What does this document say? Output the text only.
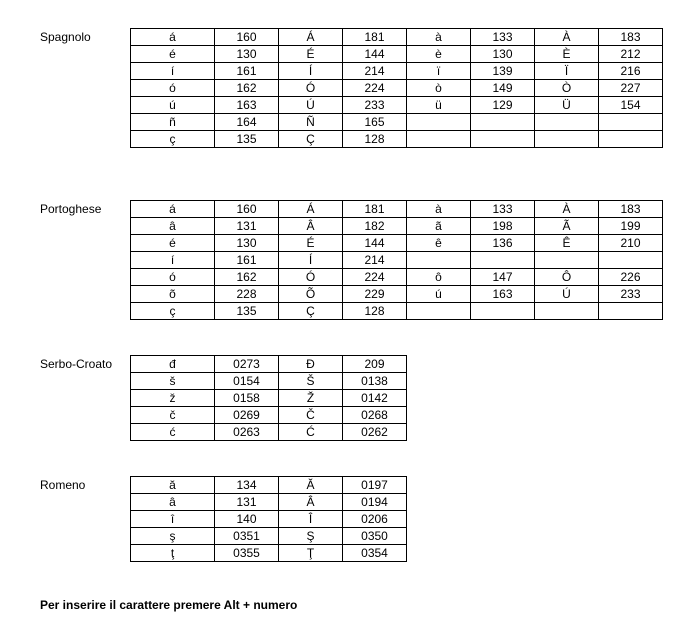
Spagnolo
Portoghese
Serbo-Croato
Romeno
á	160	Á	181	à	133	À	183
é	130	É	144	è	130	È	212
í	161	Í	214	ï	139	Ï	216
ó	162	Ó	224	ò	149	Ò	227
ú	163	Ú	233	ü	129	Ü	154
ñ	164	Ñ	165				
ç	135	Ç	128				
á	160	Á	181	à	133	À	183
â	131	Â	182	ã	198	Ã	199
é	130	É	144	ê	136	Ê	210
í	161	Í	214				
ó	162	Ó	224	ô	147	Ô	226
õ	228	Õ	229	ú	163	Ú	233
ç	135	Ç	128				
đ	0273	Đ	209
š	0154	Š	0138
ž	0158	Ž	0142
č	0269	Č	0268
ć	0263	Ć	0262
ă	134	Ă	0197
â	131	Â	0194
î	140	Î	0206
ş	0351	Ş	0350
ţ	0355	Ţ	0354
Per inserire il carattere premere Alt + numero
